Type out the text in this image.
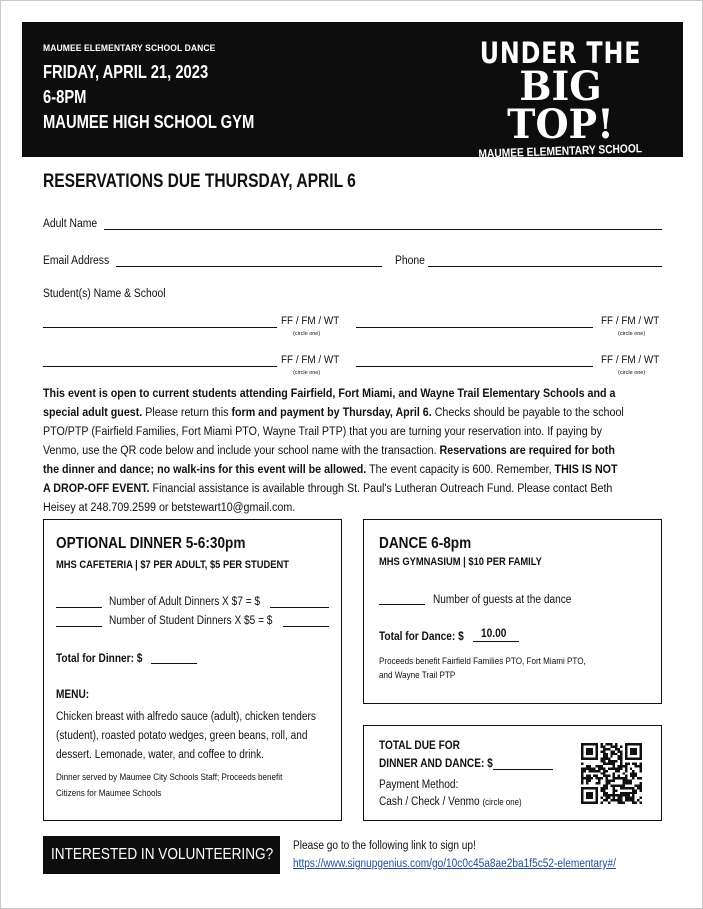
MAUMEE ELEMENTARY SCHOOL DANCE
FRIDAY, APRIL 21, 2023
6-8PM
MAUMEE HIGH SCHOOL GYM
UNDER THE
BIG TOP!
MAUMEE ELEMENTARY SCHOOL DANCE
RESERVATIONS DUE THURSDAY, APRIL 6
Adult Name
Email Address	Phone
Student(s) Name & School
FF / FM / WT
(circle one)
FF / FM / WT
(circle one)
FF / FM / WT
(circle one)
FF / FM / WT
(circle one)
This event is open to current students attending Fairfield, Fort Miami, and Wayne Trail Elementary Schools and a special adult guest. Please return this form and payment by Thursday, April 6. Checks should be payable to the school PTO/PTP (Fairfield Families, Fort Miami PTO, Wayne Trail PTP) that you are turning your reservation into. If paying by Venmo, use the QR code below and include your school name with the transaction. Reservations are required for both the dinner and dance; no walk-ins for this event will be allowed. The event capacity is 600. Remember, THIS IS NOT A DROP-OFF EVENT. Financial assistance is available through St. Paul's Lutheran Outreach Fund. Please contact Beth Heisey at 248.709.2599 or betstewart10@gmail.com.
OPTIONAL DINNER 5-6:30pm
MHS CAFETERIA | $7 PER ADULT, $5 PER STUDENT
Number of Adult Dinners X $7 = $
Number of Student Dinners X $5 = $
Total for Dinner: $
MENU:
Chicken breast with alfredo sauce (adult), chicken tenders (student), roasted potato wedges, green beans, roll, and dessert. Lemonade, water, and coffee to drink.
Dinner served by Maumee City Schools Staff; Proceeds benefit
Citizens for Maumee Schools
DANCE 6-8pm
MHS GYMNASIUM | $10 PER FAMILY
Number of guests at the dance
Total for Dance: $ 10.00
Proceeds benefit Fairfield Families PTO, Fort Miami PTO,
and Wayne Trail PTP
TOTAL DUE FOR
DINNER AND DANCE: $
Payment Method:
Cash / Check / Venmo (circle one)
INTERESTED IN VOLUNTEERING? Please go to the following link to sign up!
https://www.signupgenius.com/go/10c0c45a8ae2ba1f5c52-elementary#/
